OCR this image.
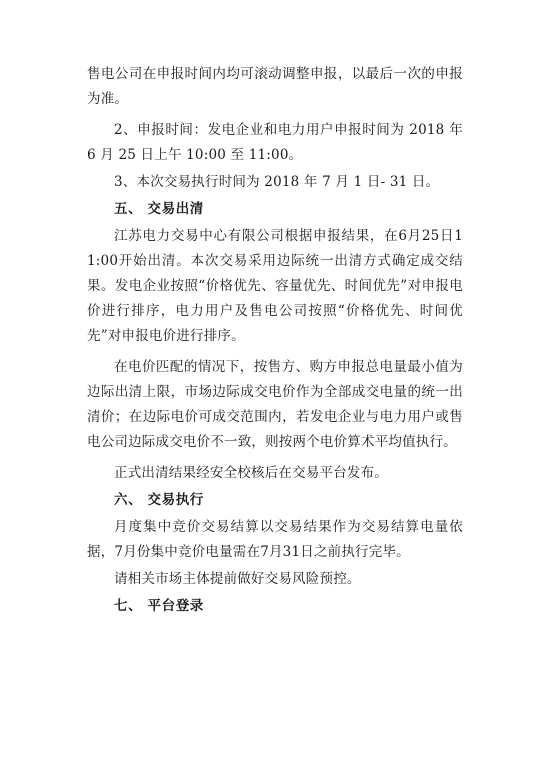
售电公司在申报时间内均可滚动调整申报，以最后一次的申报为准。

2、申报时间：发电企业和电力用户申报时间为 2018 年 6 月 25 日上午 10:00 至 11:00。

3、本次交易执行时间为 2018 年 7 月 1 日- 31 日。

五、 交易出清

江苏电力交易中心有限公司根据申报结果，在6月25日11:00开始出清。本次交易采用边际统一出清方式确定成交结果。发电企业按照“价格优先、容量优先、时间优先”对申报电价进行排序，电力用户及售电公司按照“价格优先、时间优先”对申报电价进行排序。

在电价匹配的情况下，按售方、购方申报总电量最小值为边际出清上限，市场边际成交电价作为全部成交电量的统一出清价；在边际电价可成交范围内，若发电企业与电力用户或售电公司边际成交电价不一致，则按两个电价算术平均值执行。

正式出清结果经安全校核后在交易平台发布。

六、 交易执行

月度集中竞价交易结算以交易结果作为交易结算电量依据，7月份集中竞价电量需在7月31日之前执行完毕。

请相关市场主体提前做好交易风险预控。

七、 平台登录
